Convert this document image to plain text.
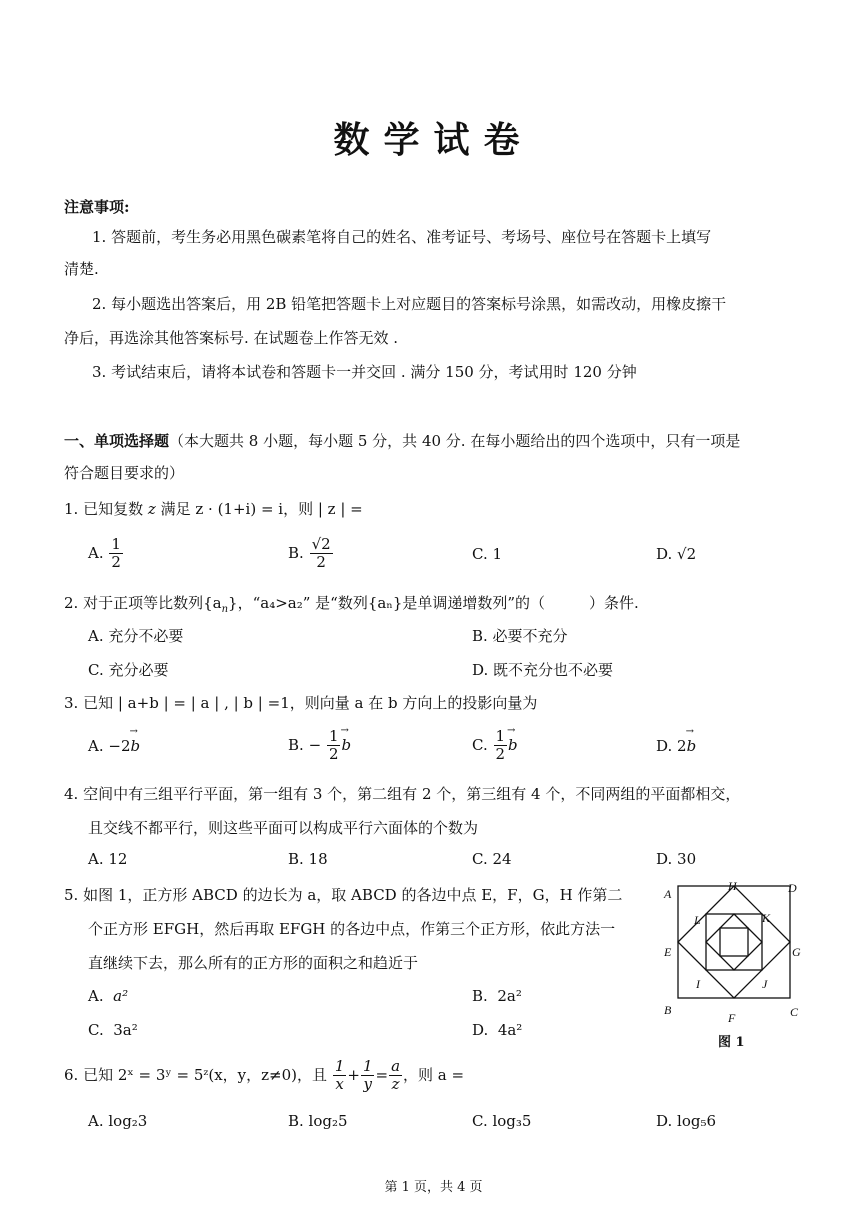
数学试卷
注意事项:
1. 答题前，考生务必用黑色碳素笔将自己的姓名、准考证号、考场号、座位号在答题卡上填写
清楚.
2. 每小题选出答案后，用 2B 铅笔把答题卡上对应题目的答案标号涂黑，如需改动，用橡皮擦干
净后，再选涂其他答案标号. 在试题卷上作答无效 .
3. 考试结束后，请将本试卷和答题卡一并交回 . 满分 150 分，考试用时 120 分钟
一、单项选择题（本大题共 8 小题，每小题 5 分，共 40 分. 在每小题给出的四个选项中，只有一项是
符合题目要求的）
1. 已知复数 z 满足 z · (1+i) = i，则 | z | =
A. $\frac{1}{2}$	B. $\frac{√2}{2}$	C. 1	D. √2
2. 对于正项等比数列$\{a_n\}$，“a₄>a₂” 是“数列{aₙ}是单调递增数列”的（	）条件.
A. 充分不必要	B. 必要不充分
C. 充分必要	D. 既不充分也不必要
3. 已知 | a+b | = | a | , | b | =1，则向量 a 在 b 方向上的投影向量为
A. −2→ b	B. − $\frac{1}{2}$
→ b	C. $\frac{1}{2}$
→ b	D. 2→ b
4. 空间中有三组平行平面，第一组有 3 个，第二组有 2 个，第三组有 4 个，不同两组的平面都相交，
且交线不都平行，则这些平面可以构成平行六面体的个数为
A. 12	B. 18	C. 24	D. 30
5. 如图 1，正方形 ABCD 的边长为 a，取 ABCD 的各边中点 E，F，G，H 作第二
个正方形 EFGH，然后再取 EFGH 的各边中点，作第三个正方形，依此方法一
直继续下去，那么所有的正方形的面积之和趋近于
A. a²	B. 2a²
C. 3a²	D. 4a²
A	D
B	C
H
E	G
F
L	K
I	J
图 1
6. 已知 2ˣ = 3ʸ = 5ᶻ(x，y，z≠0)，且 $\frac{1}{x} + \frac{1}{y} = \frac{a}{z}$ ，则 a =
A. log₂3	B. log₂5	C. log₃5	D. log₅6
第 1 页，共 4 页
